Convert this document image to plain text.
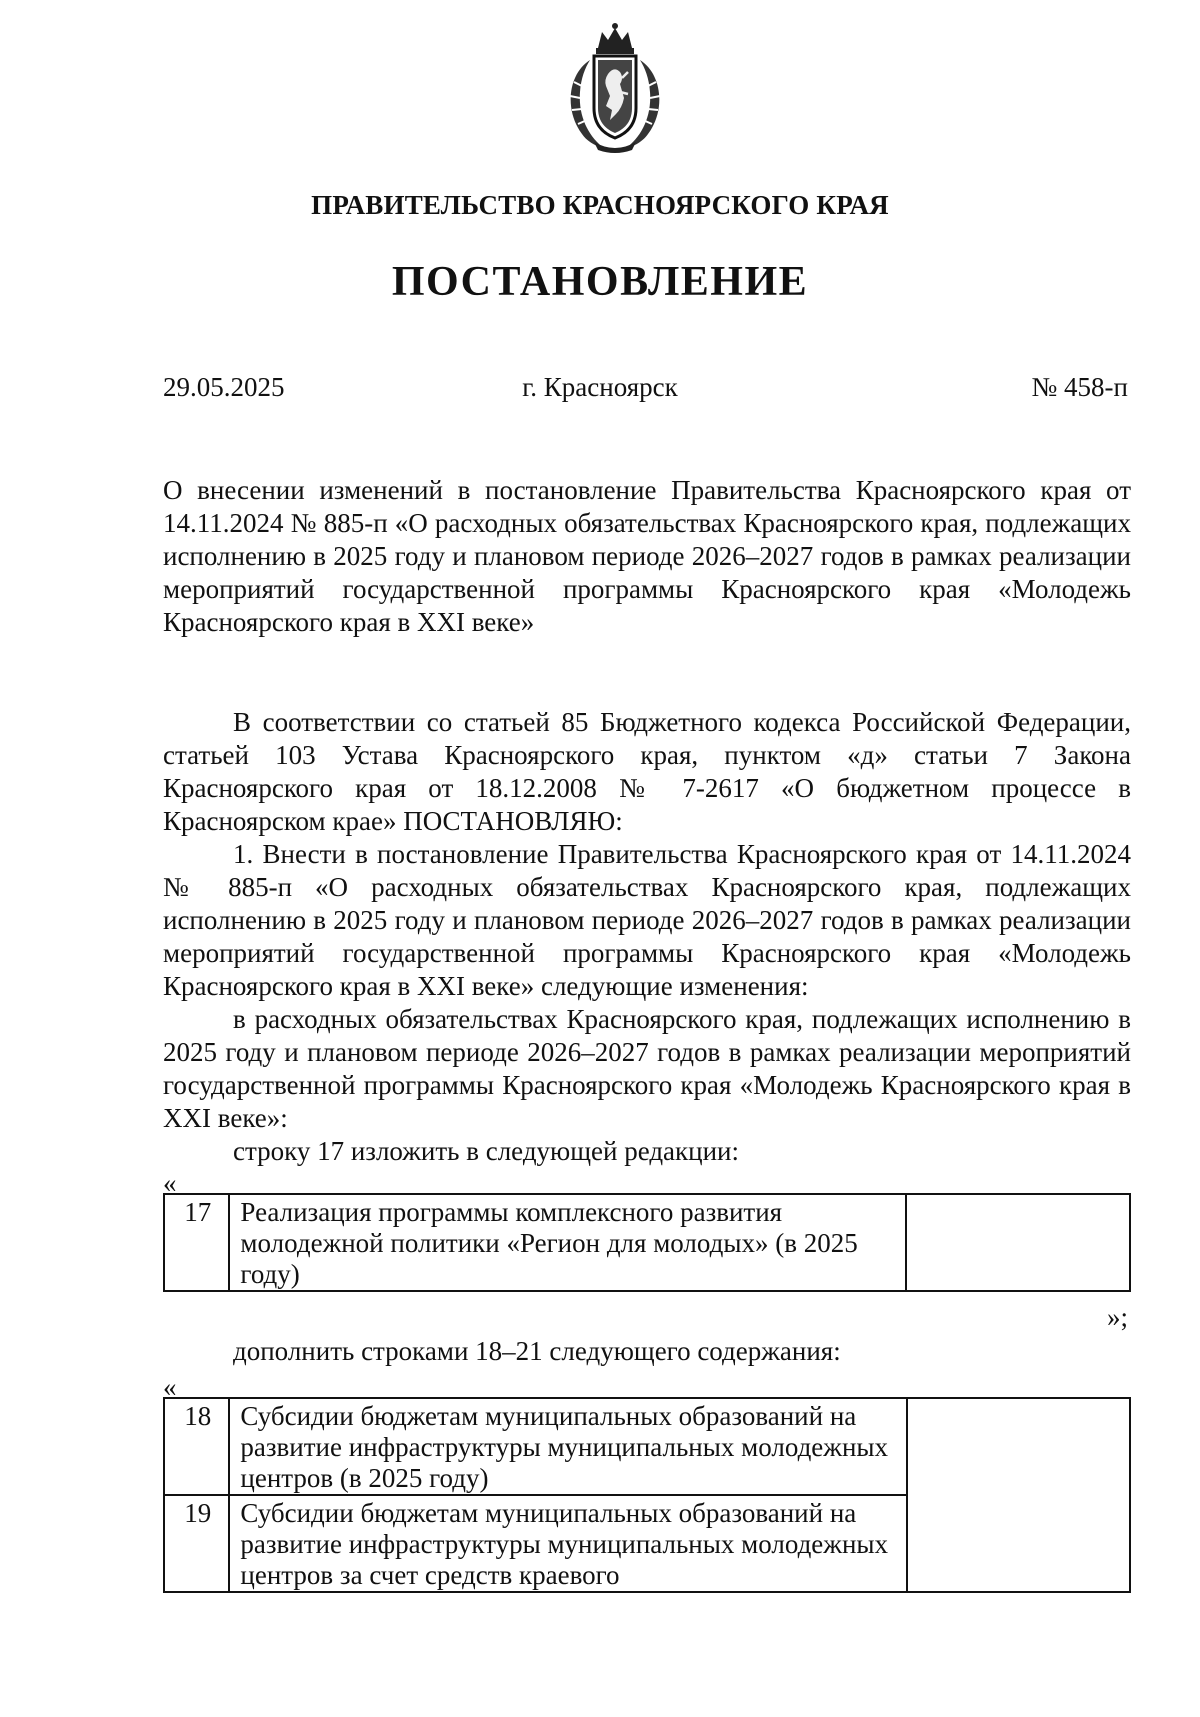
ПРАВИТЕЛЬСТВО КРАСНОЯРСКОГО КРАЯ
ПОСТАНОВЛЕНИЕ
29.05.2025	г. Красноярск	№ 458-п
О внесении изменений в постановление Правительства Красноярского края от 14.11.2024 № 885-п «О расходных обязательствах Красноярского края, подлежащих исполнению в 2025 году и плановом периоде 2026–2027 годов в рамках реализации мероприятий государственной программы Красноярского края «Молодежь Красноярского края в XXI веке»

В соответствии со статьей 85 Бюджетного кодекса Российской Федерации, статьей 103 Устава Красноярского края, пунктом «д» статьи 7 Закона Красноярского края от 18.12.2008 № 7-2617 «О бюджетном процессе в Красноярском крае» ПОСТАНОВЛЯЮ:

1. Внести в постановление Правительства Красноярского края от 14.11.2024 № 885-п «О расходных обязательствах Красноярского края, подлежащих исполнению в 2025 году и плановом периоде 2026–2027 годов в рамках реализации мероприятий государственной программы Красноярского края «Молодежь Красноярского края в XXI веке» следующие изменения:

в расходных обязательствах Красноярского края, подлежащих исполнению в 2025 году и плановом периоде 2026–2027 годов в рамках реализации мероприятий государственной программы Красноярского края «Молодежь Красноярского края в XXI веке»:

строку 17 изложить в следующей редакции:

«
17	Реализация программы комплексного развития молодежной политики «Регион для молодых» (в 2025 году)	
»;
дополнить строками 18–21 следующего содержания:
«
18	Субсидии бюджетам муниципальных образований на развитие инфраструктуры муниципальных молодежных центров (в 2025 году)	
19	Субсидии бюджетам муниципальных образований на развитие инфраструктуры муниципальных молодежных центров за счет средств краевого	
